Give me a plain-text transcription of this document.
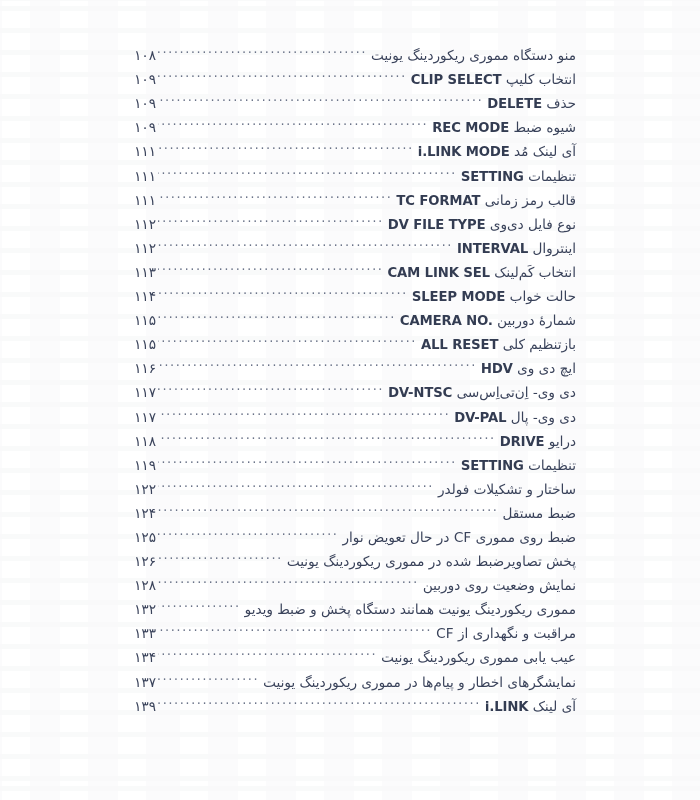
منو دستگاه مموری ریکوردینگ یونیت
.....
۱۰۸
انتخاب کلیپ CLIP SELECT
.....
۱۰۹
حذف DELETE
.....
۱۰۹
شیوه ضبط REC MODE
.....
۱۰۹
آی لینک مُد i.LINK MODE
.....
۱۱۱
تنظیمات SETTING
.....
۱۱۱
قالب رمز زمانی TC FORMAT
.....
۱۱۱
نوع فایل دی‌وی DV FILE TYPE
.....
۱۱۲
اینتروال INTERVAL
.....
۱۱۲
انتخاب کَم‌لینک CAM LINK SEL
.....
۱۱۳
حالت خواب SLEEP MODE
.....
۱۱۴
شمارهٔ دوربین CAMERA NO.
.....
۱۱۵
بازتنظیم کلی ALL RESET
.....
۱۱۵
ایچ دی وی HDV
.....
۱۱۶
دی وی- اِن‌تی‌اِس‌سی DV-NTSC
.....
۱۱۷
دی وی- پال DV-PAL
.....
۱۱۷
درایو DRIVE
.....
۱۱۸
تنظیمات SETTING
.....
۱۱۹
ساختار و تشکیلات فولدر
.....
۱۲۲
ضبط مستقل
.....
۱۲۴
ضبط روی مموری CF در حال تعویض نوار
.....
۱۲۵
پخش تصاویرضبط شده در مموری ریکوردینگ یونیت
.....
۱۲۶
نمایش وضعیت روی دوربین
.....
۱۲۸
مموری ریکوردینگ یونیت همانند دستگاه پخش و ضبط ویدیو
.....
۱۳۲
مراقبت و نگهداری از CF
.....
۱۳۳
عیب یابی مموری ریکوردینگ یونیت
.....
۱۳۴
نمایشگرهای اخطار و پیام‌ها در مموری ریکوردینگ یونیت
.....
۱۳۷
آی لینک i.LINK
.....
۱۳۹
